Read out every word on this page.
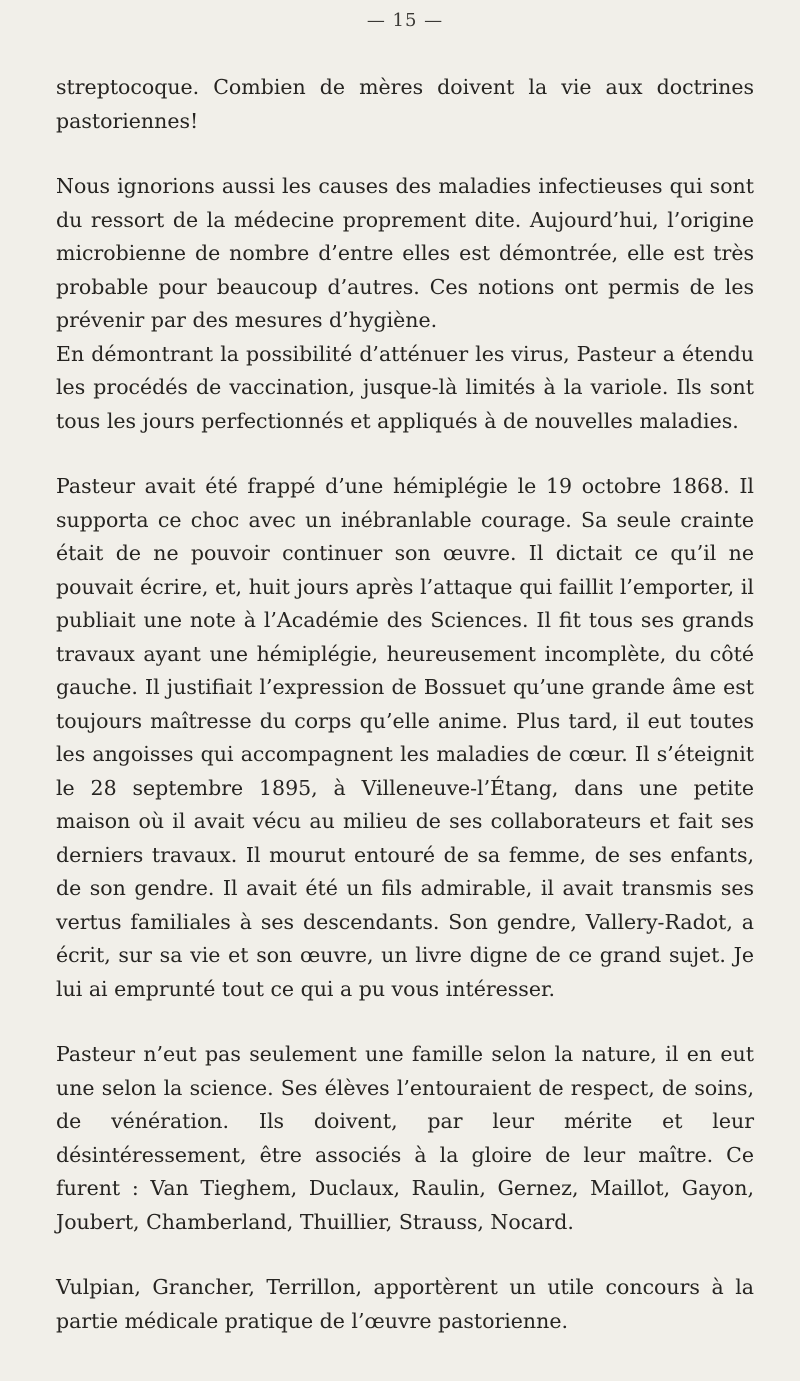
— 15 —

streptocoque. Combien de mères doivent la vie aux doctrines pastoriennes!

Nous ignorions aussi les causes des maladies infectieuses qui sont du ressort de la médecine proprement dite. Aujourd’hui, l’origine microbienne de nombre d’entre elles est démontrée, elle est très probable pour beaucoup d’autres. Ces notions ont permis de les prévenir par des mesures d’hygiène.

En démontrant la possibilité d’atténuer les virus, Pasteur a étendu les procédés de vaccination, jusque-là limités à la variole. Ils sont tous les jours perfectionnés et appliqués à de nouvelles maladies.

Pasteur avait été frappé d’une hémiplégie le 19 octobre 1868. Il supporta ce choc avec un inébranlable courage. Sa seule crainte était de ne pouvoir continuer son œuvre. Il dictait ce qu’il ne pouvait écrire, et, huit jours après l’attaque qui faillit l’emporter, il publiait une note à l’Académie des Sciences. Il fit tous ses grands travaux ayant une hémiplégie, heureusement incomplète, du côté gauche. Il justifiait l’expression de Bossuet qu’une grande âme est toujours maîtresse du corps qu’elle anime. Plus tard, il eut toutes les angoisses qui accompagnent les maladies de cœur. Il s’éteignit le 28 septembre 1895, à Villeneuve-l’Étang, dans une petite maison où il avait vécu au milieu de ses collaborateurs et fait ses derniers travaux. Il mourut entouré de sa femme, de ses enfants, de son gendre. Il avait été un fils admirable, il avait transmis ses vertus familiales à ses descendants. Son gendre, Vallery-Radot, a écrit, sur sa vie et son œuvre, un livre digne de ce grand sujet. Je lui ai emprunté tout ce qui a pu vous intéresser.

Pasteur n’eut pas seulement une famille selon la nature, il en eut une selon la science. Ses élèves l’entouraient de respect, de soins, de vénération. Ils doivent, par leur mérite et leur désintéressement, être associés à la gloire de leur maître. Ce furent : Van Tieghem, Duclaux, Raulin, Gernez, Maillot, Gayon, Joubert, Chamberland, Thuillier, Strauss, Nocard.

Vulpian, Grancher, Terrillon, apportèrent un utile concours à la partie médicale pratique de l’œuvre pastorienne.
